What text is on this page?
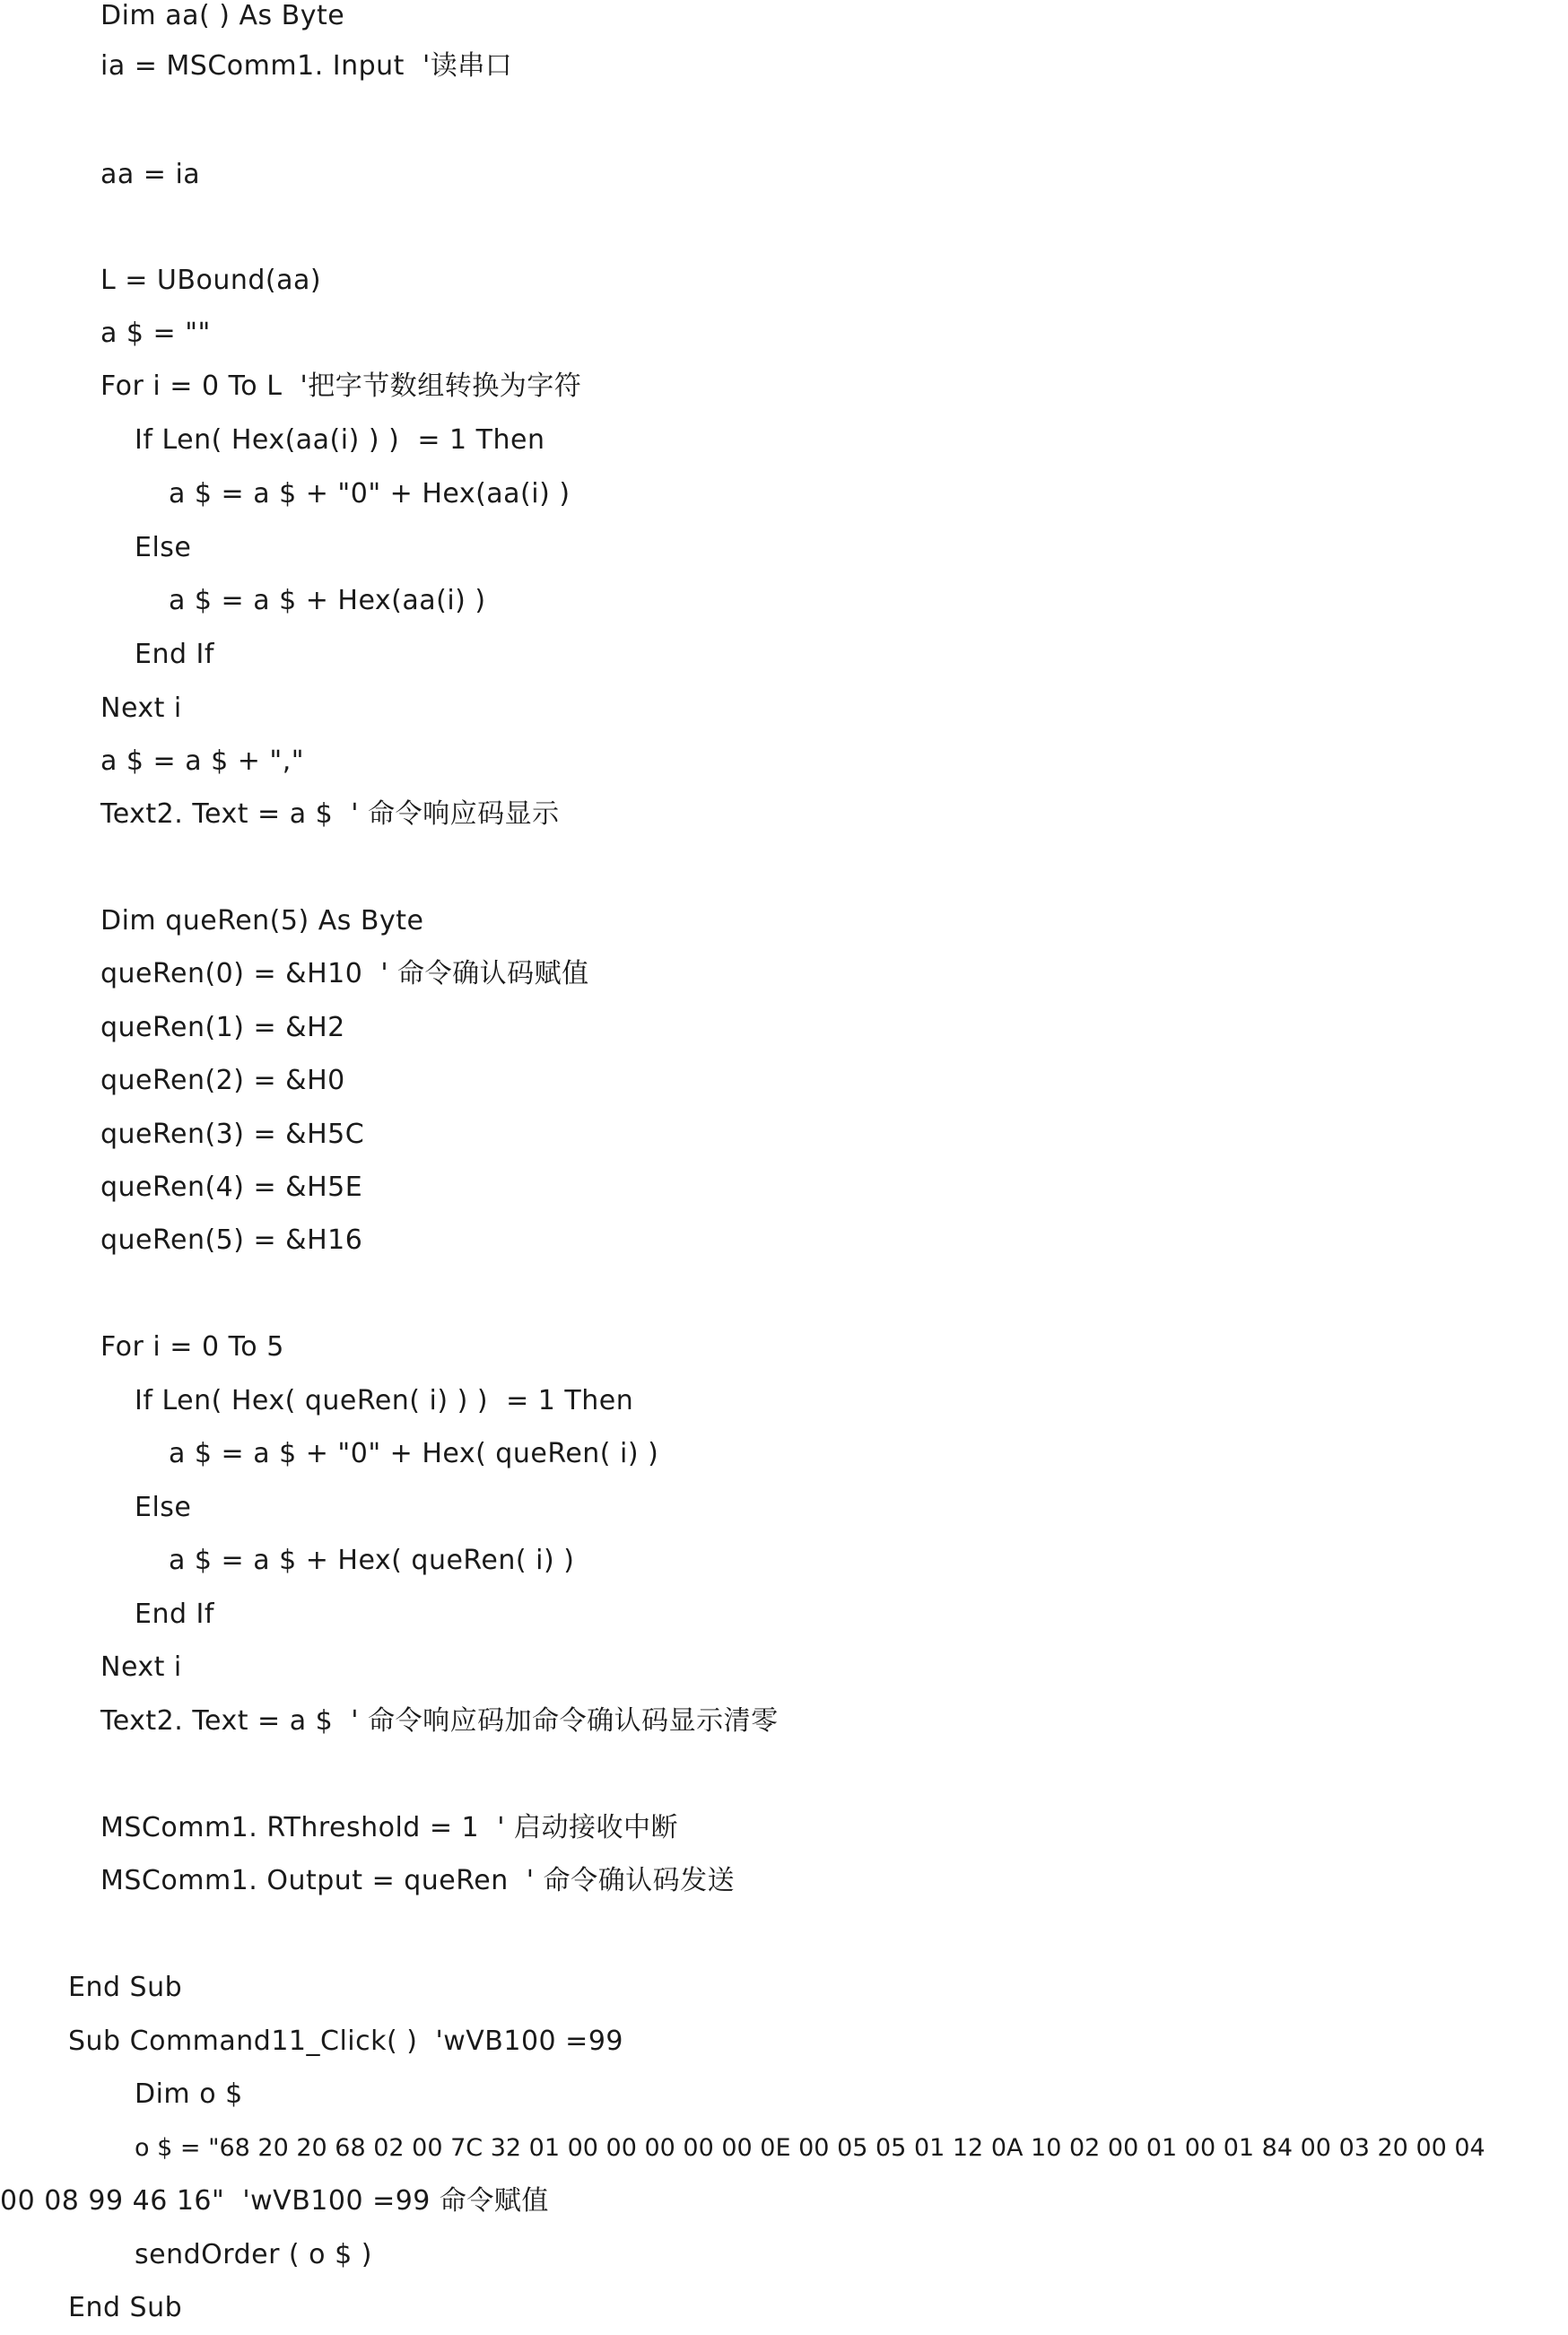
Dim aa( ) As Byte
ia = MSComm1. Input  '读串口
aa = ia
L = UBound(aa)
a $ = ""
For i = 0 To L  '把字节数组转换为字符
If Len( Hex(aa(i) ) )  = 1 Then
a $ = a $ + "0" + Hex(aa(i) )
Else
a $ = a $ + Hex(aa(i) )
End If
Next i
a $ = a $ + ","
Text2. Text = a $  ' 命令响应码显示
Dim queRen(5) As Byte
queRen(0) = &H10  ' 命令确认码赋值
queRen(1) = &H2
queRen(2) = &H0
queRen(3) = &H5C
queRen(4) = &H5E
queRen(5) = &H16
For i = 0 To 5
If Len( Hex( queRen( i) ) )  = 1 Then
a $ = a $ + "0" + Hex( queRen( i) )
Else
a $ = a $ + Hex( queRen( i) )
End If
Next i
Text2. Text = a $  ' 命令响应码加命令确认码显示清零
MSComm1. RThreshold = 1  ' 启动接收中断
MSComm1. Output = queRen  ' 命令确认码发送
End Sub
Sub Command11_Click( )  'wVB100 =99
Dim o $
o $ = "68 20 20 68 02 00 7C 32 01 00 00 00 00 00 0E 00 05 05 01 12 0A 10 02 00 01 00 01 84 00 03 20 00 04
00 08 99 46 16"  'wVB100 =99 命令赋值
sendOrder ( o $ )
End Sub
